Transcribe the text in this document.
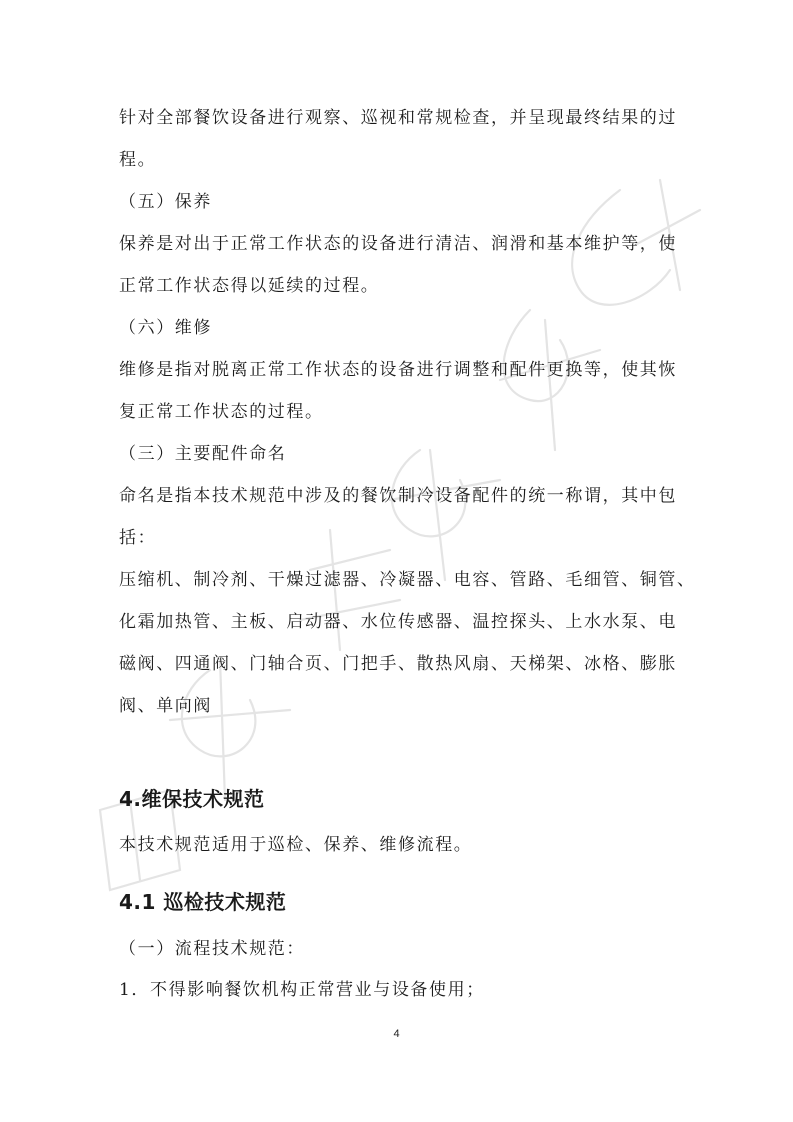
针对全部餐饮设备进行观察、巡视和常规检查，并呈现最终结果的过
程。
（五）保养
保养是对出于正常工作状态的设备进行清洁、润滑和基本维护等，使
正常工作状态得以延续的过程。
（六）维修
维修是指对脱离正常工作状态的设备进行调整和配件更换等，使其恢
复正常工作状态的过程。
（三）主要配件命名
命名是指本技术规范中涉及的餐饮制冷设备配件的统一称谓，其中包
括：
压缩机、制冷剂、干燥过滤器、冷凝器、电容、管路、毛细管、铜管、
化霜加热管、主板、启动器、水位传感器、温控探头、上水水泵、电
磁阀、四通阀、门轴合页、门把手、散热风扇、天梯架、冰格、膨胀
阀、单向阀
4.维保技术规范
本技术规范适用于巡检、保养、维修流程。
4.1 巡检技术规范
（一）流程技术规范：
1．不得影响餐饮机构正常营业与设备使用；
4
